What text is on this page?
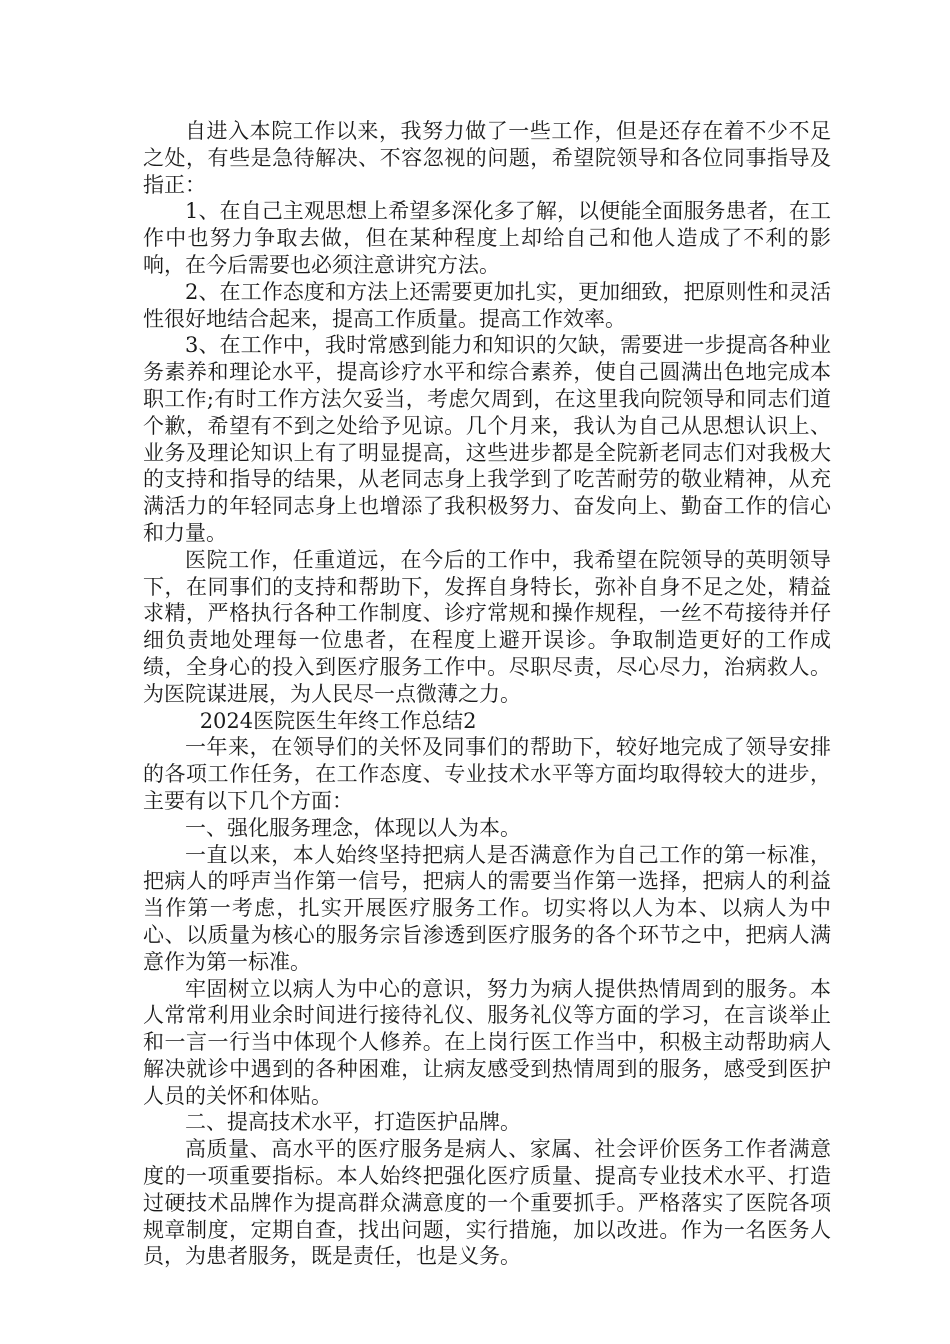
自进入本院工作以来，我努力做了一些工作，但是还存在着不少不足之处，有些是急待解决、不容忽视的问题，希望院领导和各位同事指导及指正：

1、在自己主观思想上希望多深化多了解，以便能全面服务患者，在工作中也努力争取去做，但在某种程度上却给自己和他人造成了不利的影响，在今后需要也必须注意讲究方法。

2、在工作态度和方法上还需要更加扎实，更加细致，把原则性和灵活性很好地结合起来，提高工作质量。提高工作效率。

3、在工作中，我时常感到能力和知识的欠缺，需要进一步提高各种业务素养和理论水平，提高诊疗水平和综合素养，使自己圆满出色地完成本职工作;有时工作方法欠妥当，考虑欠周到，在这里我向院领导和同志们道个歉，希望有不到之处给予见谅。几个月来，我认为自己从思想认识上、业务及理论知识上有了明显提高，这些进步都是全院新老同志们对我极大的支持和指导的结果，从老同志身上我学到了吃苦耐劳的敬业精神，从充满活力的年轻同志身上也增添了我积极努力、奋发向上、勤奋工作的信心和力量。

医院工作，任重道远，在今后的工作中，我希望在院领导的英明领导下，在同事们的支持和帮助下，发挥自身特长，弥补自身不足之处，精益求精，严格执行各种工作制度、诊疗常规和操作规程，一丝不苟接待并仔细负责地处理每一位患者，在程度上避开误诊。争取制造更好的工作成绩，全身心的投入到医疗服务工作中。尽职尽责，尽心尽力，治病救人。为医院谋进展，为人民尽一点微薄之力。

2024医院医生年终工作总结2

一年来，在领导们的关怀及同事们的帮助下，较好地完成了领导安排的各项工作任务，在工作态度、专业技术水平等方面均取得较大的进步，主要有以下几个方面：

一、强化服务理念，体现以人为本。

一直以来，本人始终坚持把病人是否满意作为自己工作的第一标准，把病人的呼声当作第一信号，把病人的需要当作第一选择，把病人的利益当作第一考虑，扎实开展医疗服务工作。切实将以人为本、以病人为中心、以质量为核心的服务宗旨渗透到医疗服务的各个环节之中，把病人满意作为第一标准。

牢固树立以病人为中心的意识，努力为病人提供热情周到的服务。本人常常利用业余时间进行接待礼仪、服务礼仪等方面的学习，在言谈举止和一言一行当中体现个人修养。在上岗行医工作当中，积极主动帮助病人解决就诊中遇到的各种困难，让病友感受到热情周到的服务，感受到医护人员的关怀和体贴。

二、提高技术水平，打造医护品牌。

高质量、高水平的医疗服务是病人、家属、社会评价医务工作者满意度的一项重要指标。本人始终把强化医疗质量、提高专业技术水平、打造过硬技术品牌作为提高群众满意度的一个重要抓手。严格落实了医院各项规章制度，定期自查，找出问题，实行措施，加以改进。作为一名医务人员，为患者服务，既是责任，也是义务。
